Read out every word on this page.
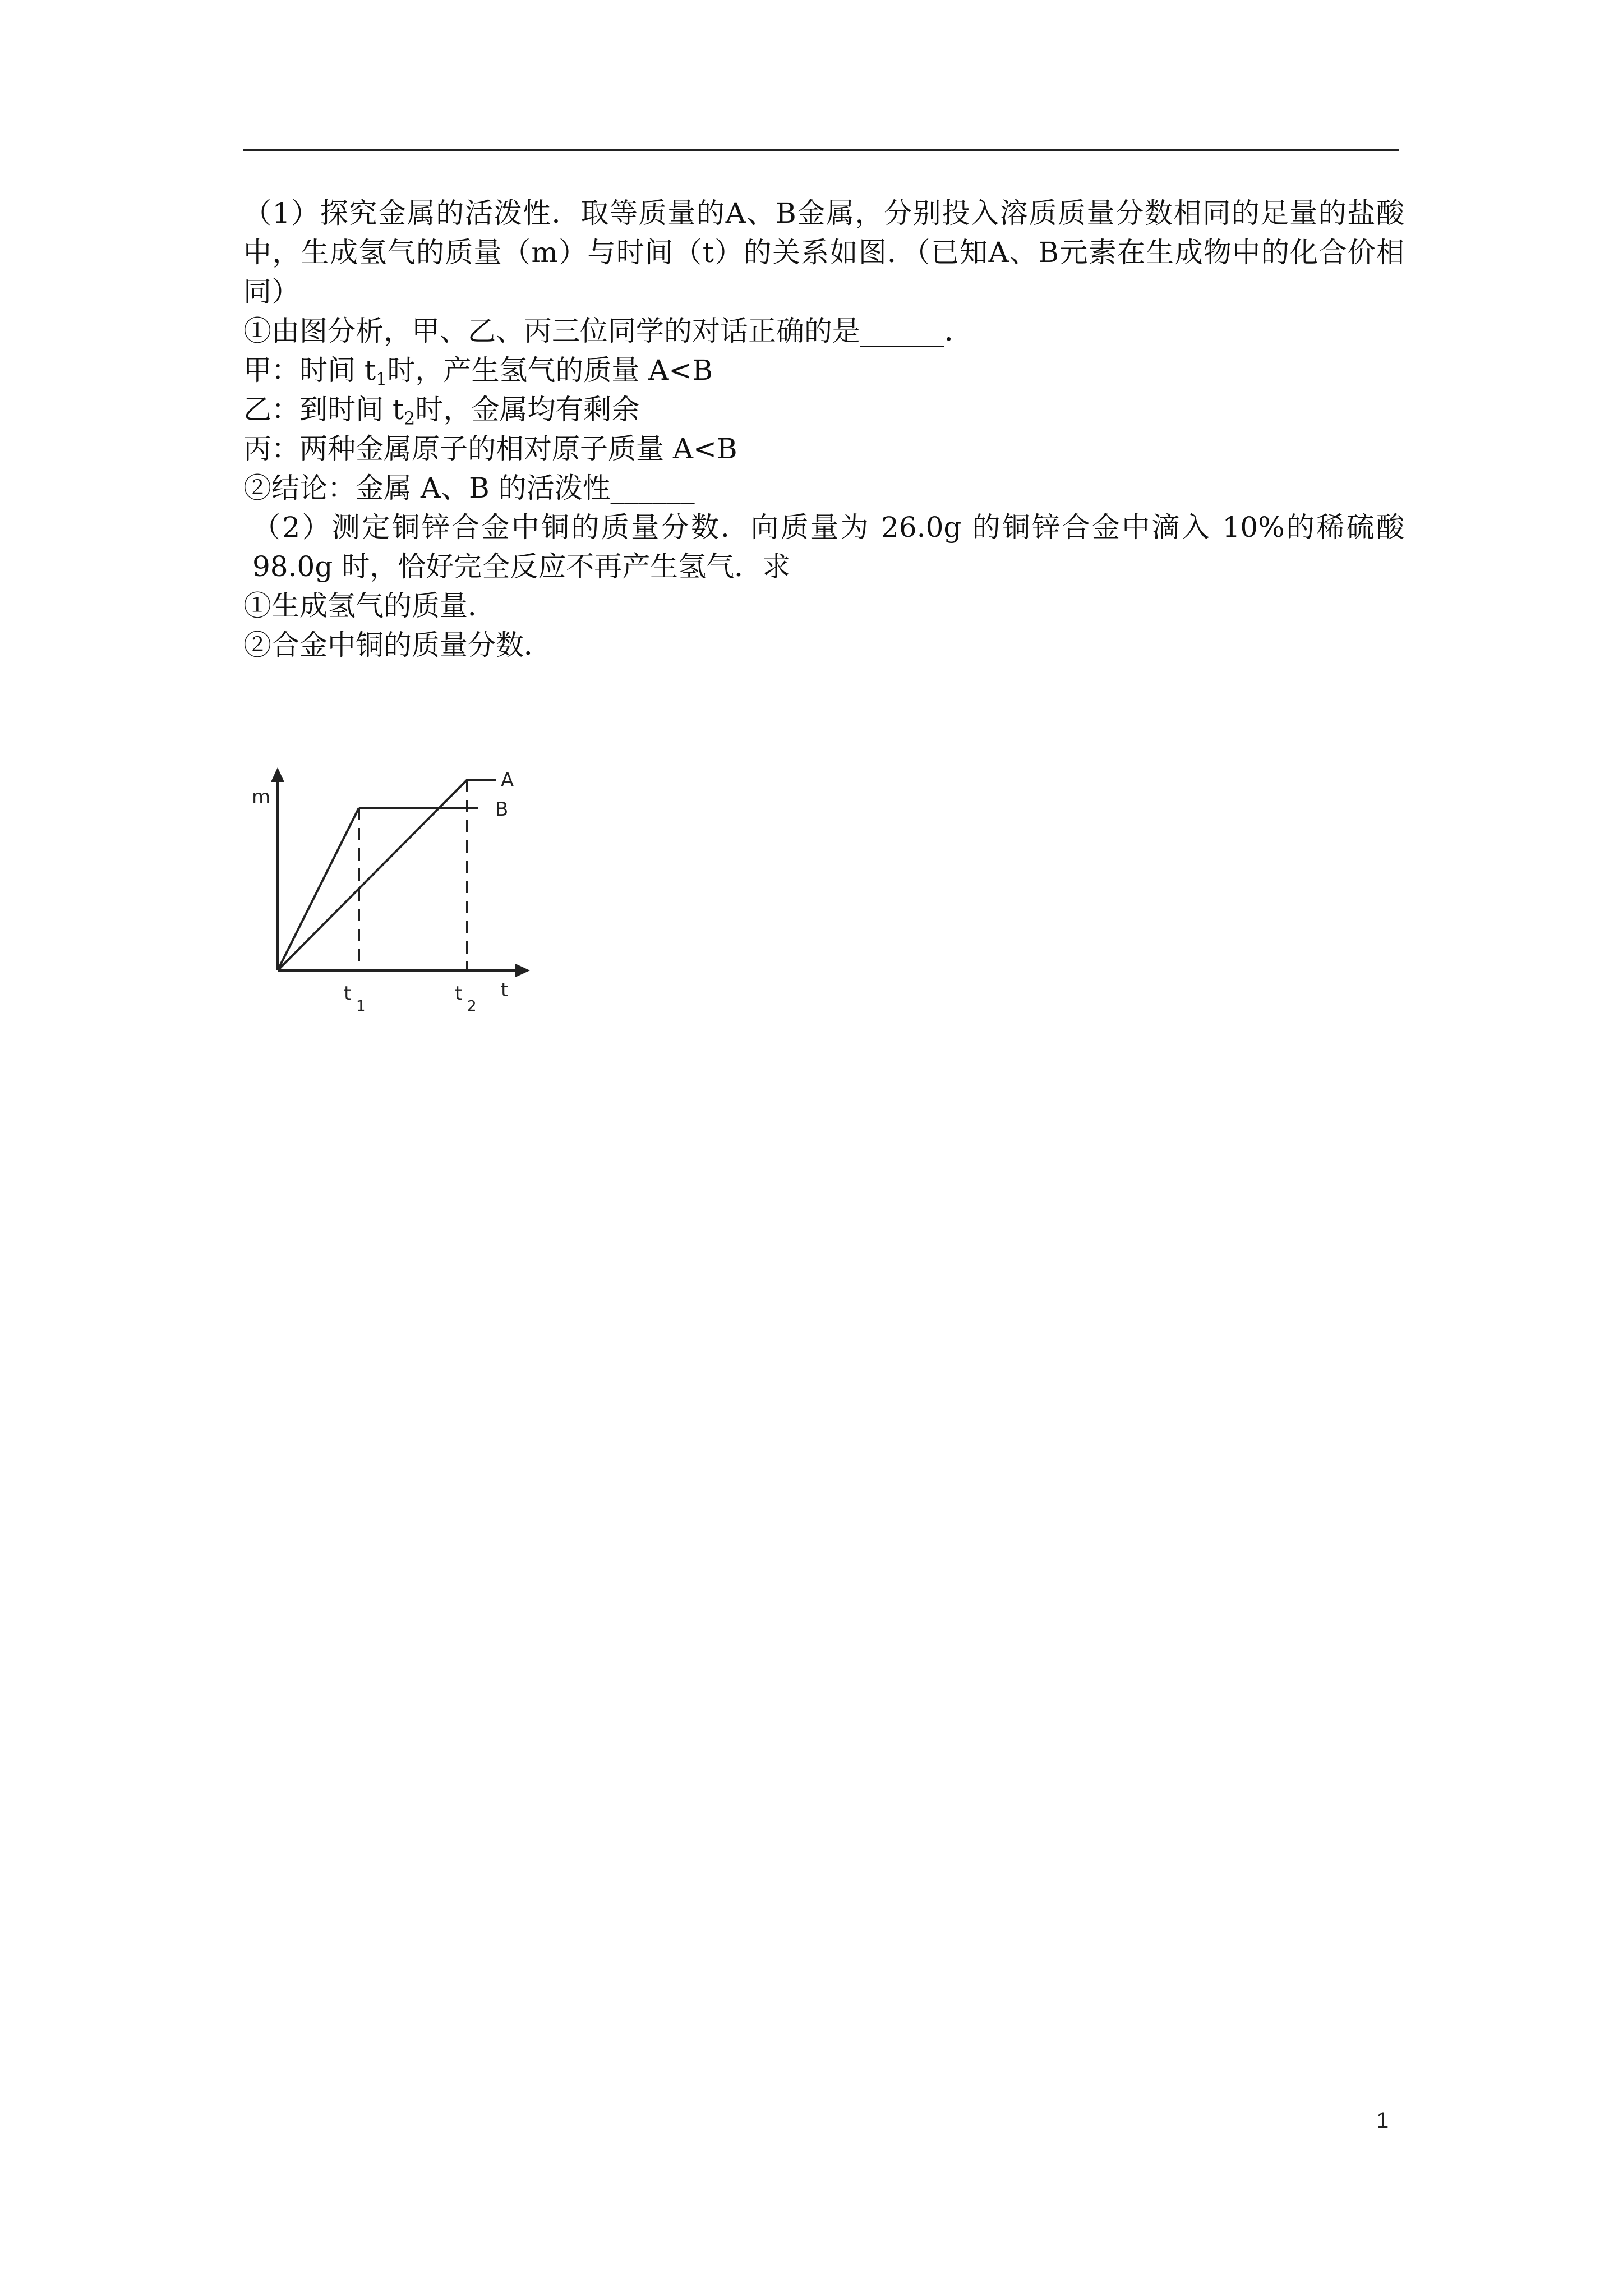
（1）探究金属的活泼性．取等质量的A、B金属，分别投入溶质质量分数相同的足量的盐酸中，生成氢气的质量（m）与时间（t）的关系如图．（已知A、B元素在生成物中的化合价相同）

①由图分析，甲、乙、丙三位同学的对话正确的是______．

甲：时间 $t_1$时，产生氢气的质量 A<B

乙：到时间 $t_2$时，金属均有剩余

丙：两种金属原子的相对原子质量 A<B

②结论：金属 A、B 的活泼性______

（2）测定铜锌合金中铜的质量分数．向质量为 26.0g 的铜锌合金中滴入 10%的稀硫酸 98.0g 时，恰好完全反应不再产生氢气．求

①生成氢气的质量．

②合金中铜的质量分数．

m
A
B
t
1
t
2
t
1
